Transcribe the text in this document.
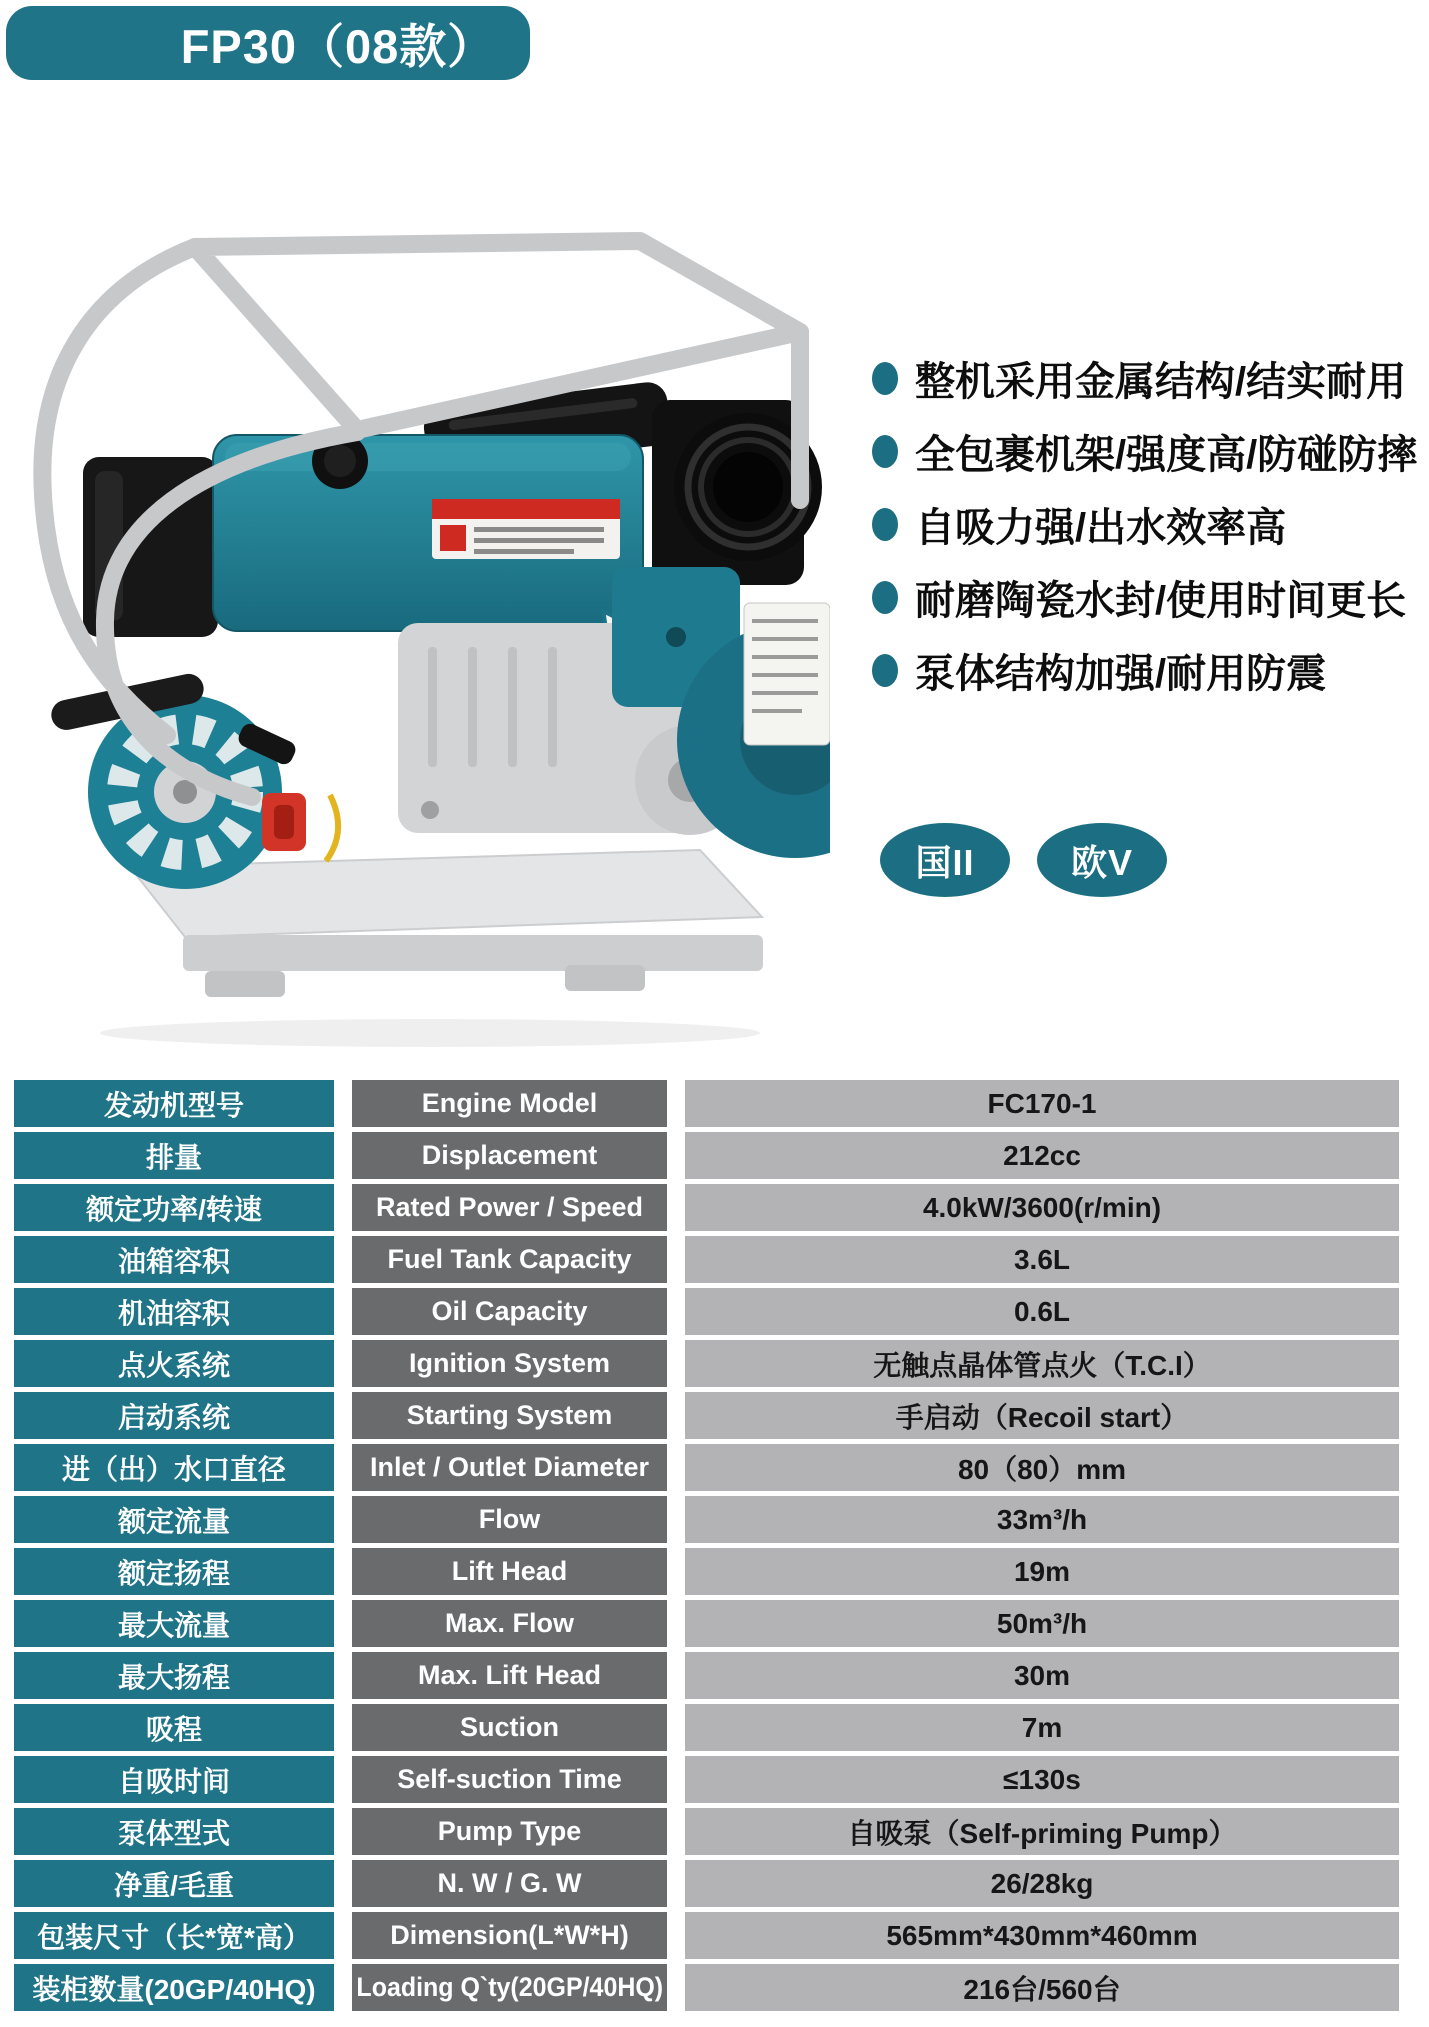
FP30（08款）
整机采用金属结构/结实耐用
全包裹机架/强度高/防碰防摔
自吸力强/出水效率高
耐磨陶瓷水封/使用时间更长
泵体结构加强/耐用防震
国II	欧V
发动机型号	Engine Model	FC170-1
排量	Displacement	212cc
额定功率/转速	Rated Power / Speed	4.0kW/3600(r/min)
油箱容积	Fuel Tank Capacity	3.6L
机油容积	Oil Capacity	0.6L
点火系统	Ignition System	无触点晶体管点火（T.C.I）
启动系统	Starting System	手启动（Recoil start）
进（出）水口直径	Inlet / Outlet Diameter	80（80）mm
额定流量	Flow	33m³/h
额定扬程	Lift Head	19m
最大流量	Max. Flow	50m³/h
最大扬程	Max. Lift Head	30m
吸程	Suction	7m
自吸时间	Self-suction Time	≤130s
泵体型式	Pump Type	自吸泵（Self-priming Pump）
净重/毛重	N. W / G. W	26/28kg
包装尺寸（长*宽*高）	Dimension(L*W*H)	565mm*430mm*460mm
装柜数量(20GP/40HQ) Loading Q`ty(20GP/40HQ)	216台/560台
